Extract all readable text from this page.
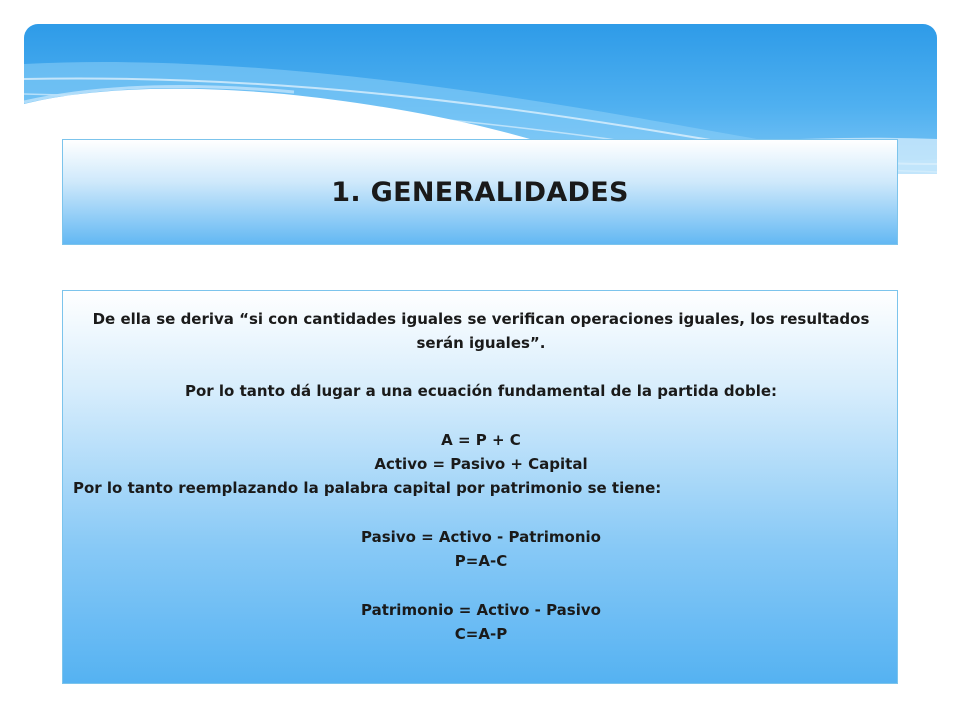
1. GENERALIDADES

De ella se deriva “si con cantidades iguales se verifican operaciones iguales, los resultados serán iguales”.

Por lo tanto dá lugar a una ecuación fundamental de la partida doble:

A = P + C

Activo = Pasivo + Capital

Por lo tanto reemplazando la palabra capital por patrimonio se tiene:

Pasivo = Activo - Patrimonio

P=A-C

Patrimonio = Activo - Pasivo

C=A-P
